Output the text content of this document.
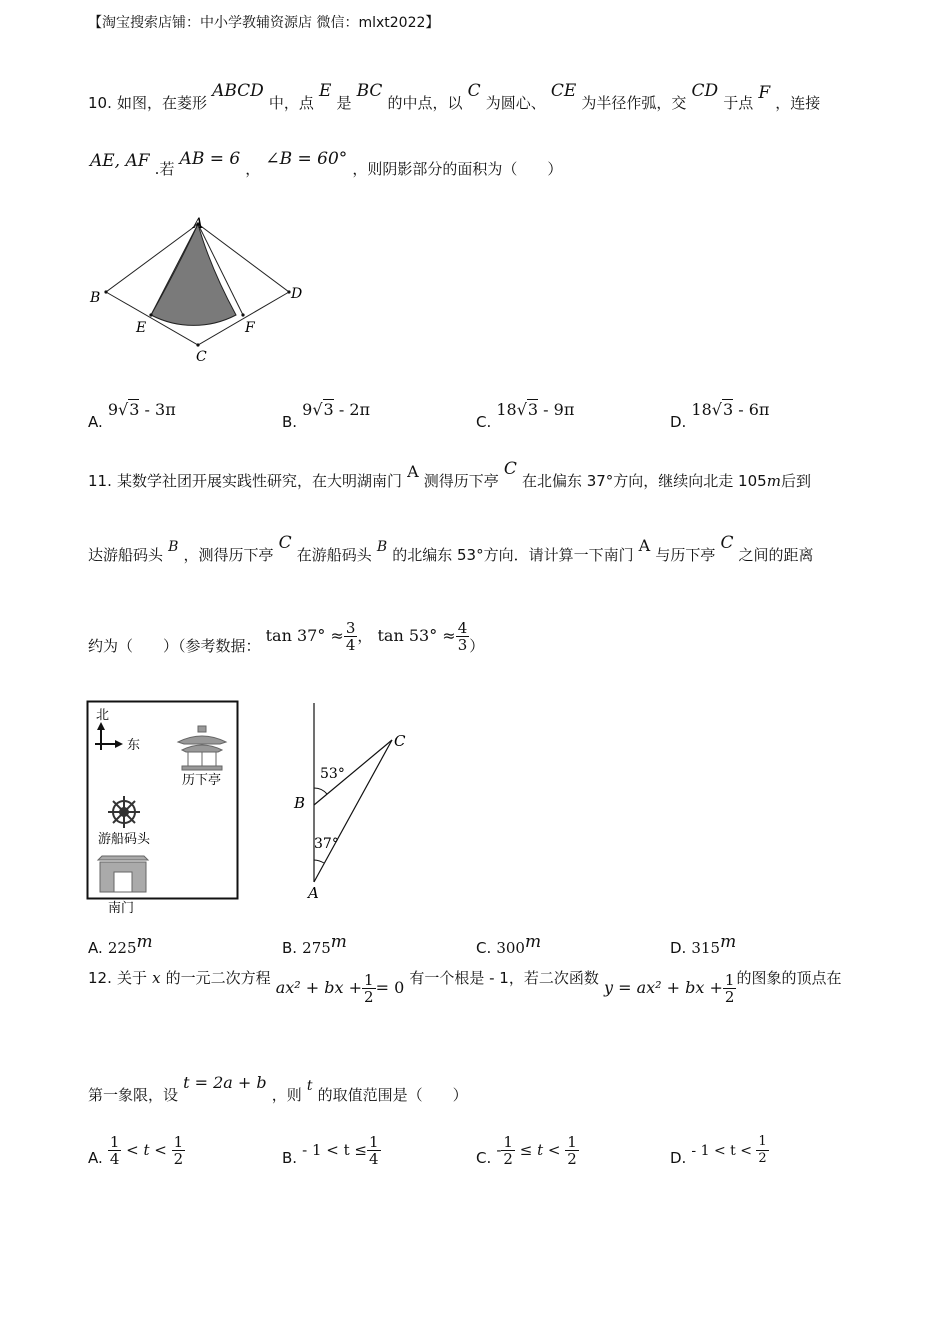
【淘宝搜索店铺：中小学教辅资源店 微信：mlxt2022】
10. 如图，在菱形 ABCD 中，点 E 是 BC 的中点，以 C 为圆心、 CE 为半径作弧，交 CD 于点 F ，连接
AE, AF .若 AB = 6 ， ∠B = 60° ，则阴影部分的面积为（　　）
A
B	D
C
E	F
A. 9√3 - 3π
B. 9√3 - 2π
C. 18√3 - 9π
D. 18√3 - 6π
11. 某数学社团开展实践性研究，在大明湖南门 A 测得历下亭 C 在北偏东 37°方向，继续向北走 105m后到
达游船码头 B ，测得历下亭 C 在游船码头 B 的北编东 53°方向．请计算一下南门 A 与历下亭 C 之间的距离
约为（　　）（参考数据： $\tan 37^\circ \approx \frac{3}{4}$ ， $\tan 53^\circ \approx \frac{4}{3}$ ）
北
东
历下亭
游船码头
南门
C
B
A
53°
37°
A. 225m	B. 275m	C. 300m	D. 315m
12. 关于 x 的一元二次方程 ax² + bx + $\frac{1}{2} = 0$ 有一个根是 - 1，若二次函数 y = ax² + bx + $\frac{1}{2}$ 的图象的顶点在
第一象限，设 t = 2a + b ，则 t 的取值范围是（　　）
A. $\frac{1}{4} < t < \frac{1}{2}$	B. - $1 < t \le \frac{1}{4}$	C. - $\frac{1}{2} \le t < \frac{1}{2}$	D. - $1 < t < \frac{1}{2}$
